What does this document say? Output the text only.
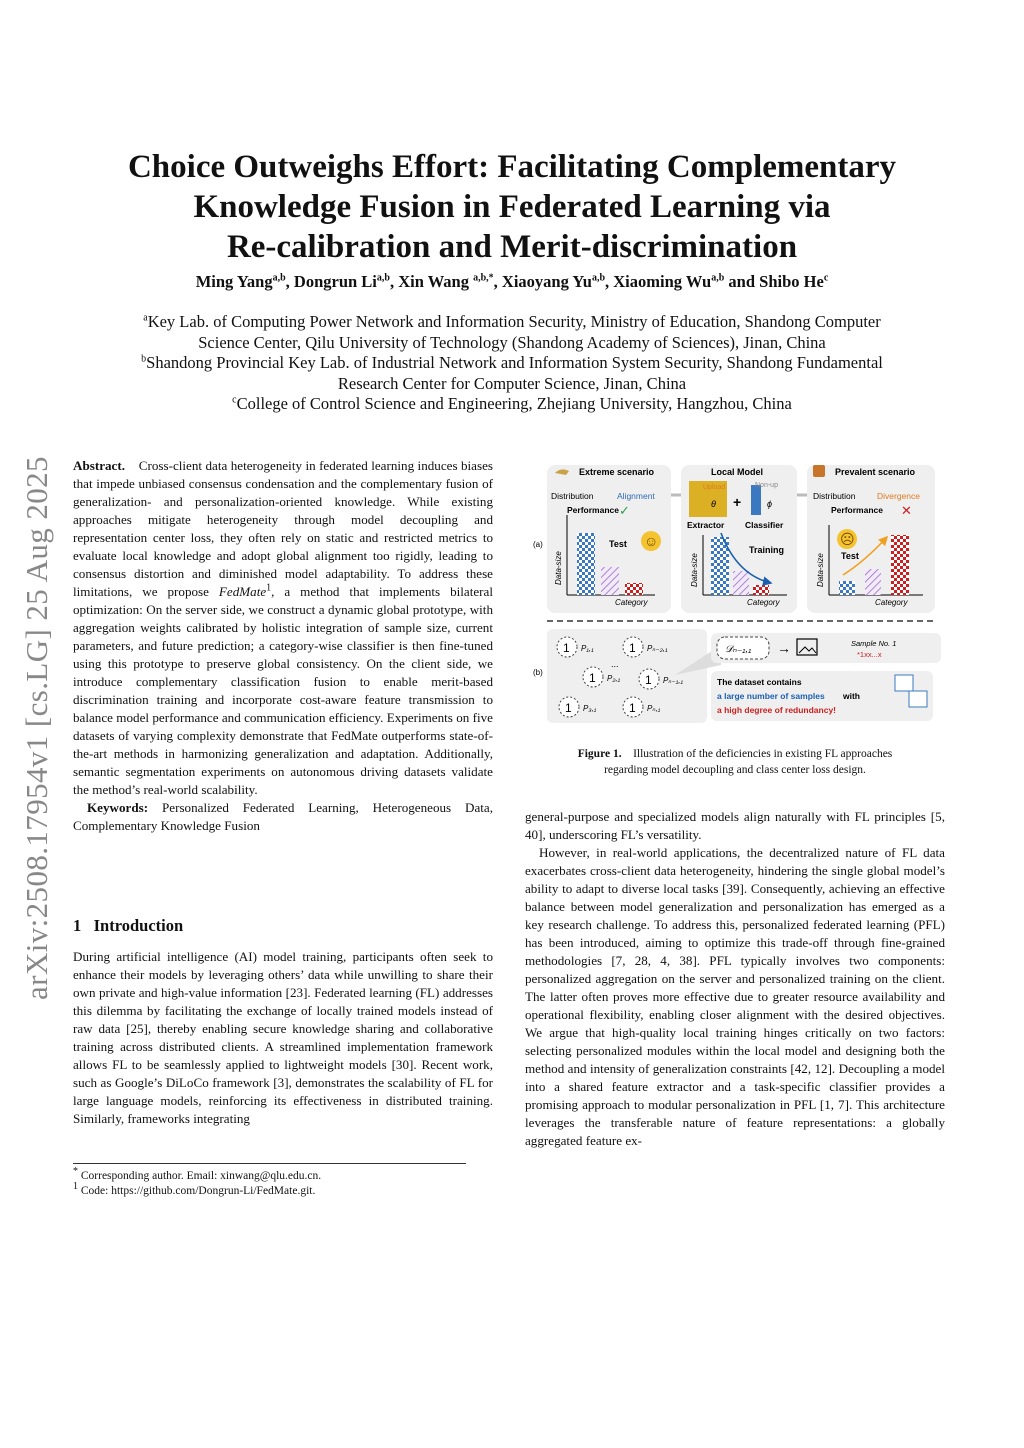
Choice Outweighs Effort: Facilitating Complementary
Knowledge Fusion in Federated Learning via
Re-calibration and Merit-discrimination
Ming Yang$^{a,b}$, Dongrun Li$^{a,b}$, Xin Wang $^{a,b,*}$, Xiaoyang Yu$^{a,b}$, Xiaoming Wu$^{a,b}$ and Shibo He$^c$

$^a$Key Lab. of Computing Power Network and Information Security, Ministry of Education, Shandong Computer

Science Center, Qilu University of Technology (Shandong Academy of Sciences), Jinan, China

$^b$Shandong Provincial Key Lab. of Industrial Network and Information System Security, Shandong Fundamental

Research Center for Computer Science, Jinan, China

$^c$College of Control Science and Engineering, Zhejiang University, Hangzhou, China

arXiv:2508.17954v1 [cs.LG] 25 Aug 2025 Abstract. Cross-client data heterogeneity in federated learning induces biases that impede unbiased consensus condensation and the complementary fusion of generalization- and personalization-oriented knowledge. While existing approaches mitigate heterogeneity through model decoupling and representation center loss, they often rely on static and restricted metrics to evaluate local knowledge and adopt global alignment too rigidly, leading to consensus distortion and diminished model adaptability. To address these limitations, we propose FedMate$^1$, a method that implements bilateral optimization: On the server side, we construct a dynamic global prototype, with aggregation weights calibrated by holistic integration of sample size, current parameters, and future prediction; a category-wise classifier is then fine-tuned using this prototype to preserve global consistency. On the client side, we introduce complementary classification fusion to enable merit-based discrimination training and incorporate cost-aware feature transmission to balance model performance and communication efficiency. Experiments on five datasets of varying complexity demonstrate that FedMate outperforms state-of-the-art methods in harmonizing generalization and adaptation. Additionally, semantic segmentation experiments on autonomous driving datasets validate the method’s real-world scalability.

Keywords: Personalized Federated Learning, Heterogeneous Data, Complementary Knowledge Fusion

1 Introduction

During artificial intelligence (AI) model training, participants often seek to enhance their models by leveraging others’ data while unwilling to share their own private and high-value information [23]. Federated learning (FL) addresses this dilemma by facilitating the exchange of locally trained models instead of raw data [25], thereby enabling secure knowledge sharing and collaborative training across distributed clients. A streamlined implementation framework allows FL to be seamlessly applied to lightweight models [30]. Recent work, such as Google’s DiLoCo framework [3], demonstrates the scalability of FL for large language models, reinforcing its effectiveness in distributed training. Similarly, frameworks integrating

* Corresponding author. Email: xinwang@qlu.edu.cn.
$^1$ Code: https://github.com/Dongrun-Li/FedMate.git.
(a)
Extreme scenario	Local Model	Prevalent scenario
Distribution	Alignment
Performance ✓
Test ☺
Data-size
Category
Upload
θ +
Non-up
ϕ
Extractor Classifier
Training
Data-size
Category
Distribution	Divergence
Performance ✕
☹
Test
Data-size
Category
(b)
1 P₁,₁	1 Pₙ₋₂,₁
...
1 P₂,₁ 1 Pₙ₋₁,₁
1 P₃,₁	1 Pₙ,₁
𝒟ₙ₋₁,₁ →	Sample No. 1
*1xx...x
The dataset contains
a large number of samples with
a high degree of redundancy!
Figure 1. Illustration of the deficiencies in existing FL approaches
regarding model decoupling and class center loss design.

general-purpose and specialized models align naturally with FL principles [5, 40], underscoring FL’s versatility.

However, in real-world applications, the decentralized nature of FL data exacerbates cross-client data heterogeneity, hindering the single global model’s ability to adapt to diverse local tasks [39]. Consequently, achieving an effective balance between model generalization and personalization has emerged as a key research challenge. To address this, personalized federated learning (PFL) has been introduced, aiming to optimize this trade-off through fine-grained methodologies [7, 28, 4, 38]. PFL typically involves two components: personalized aggregation on the server and personalized training on the client. The latter often proves more effective due to greater resource availability and operational flexibility, enabling closer alignment with the desired objectives. We argue that high-quality local training hinges critically on two factors: selecting personalized modules within the local model and designing both the method and intensity of generalization constraints [42, 12]. Decoupling a model into a shared feature extractor and a task-specific classifier provides a promising approach to modular personalization in PFL [1, 7]. This architecture leverages the transferable nature of feature representations: a globally aggregated feature ex-
